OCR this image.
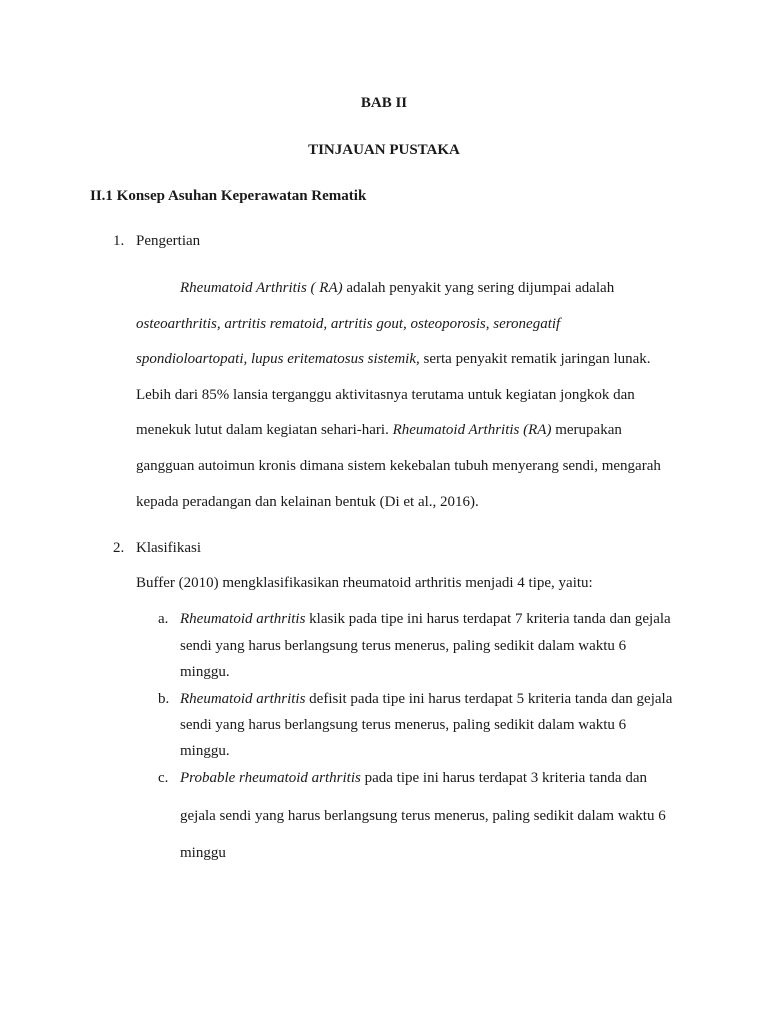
BAB II
TINJAUAN PUSTAKA
II.1 Konsep Asuhan Keperawatan Rematik
1. Pengertian
Rheumatoid Arthritis ( RA) adalah penyakit yang sering dijumpai adalah
osteoarthritis, artritis rematoid, artritis gout, osteoporosis, seronegatif
spondioloartopati, lupus eritematosus sistemik, serta penyakit rematik jaringan lunak.
Lebih dari 85% lansia terganggu aktivitasnya terutama untuk kegiatan jongkok dan
menekuk lutut dalam kegiatan sehari-hari. Rheumatoid Arthritis (RA) merupakan
gangguan autoimun kronis dimana sistem kekebalan tubuh menyerang sendi, mengarah
kepada peradangan dan kelainan bentuk (Di et al., 2016).
2. Klasifikasi
Buffer (2010) mengklasifikasikan rheumatoid arthritis menjadi 4 tipe, yaitu:
a. Rheumatoid arthritis klasik pada tipe ini harus terdapat 7 kriteria tanda dan gejala
sendi yang harus berlangsung terus menerus, paling sedikit dalam waktu 6
minggu.
b. Rheumatoid arthritis defisit pada tipe ini harus terdapat 5 kriteria tanda dan gejala
sendi yang harus berlangsung terus menerus, paling sedikit dalam waktu 6
minggu.
c. Probable rheumatoid arthritis pada tipe ini harus terdapat 3 kriteria tanda dan
gejala sendi yang harus berlangsung terus menerus, paling sedikit dalam waktu 6
minggu
